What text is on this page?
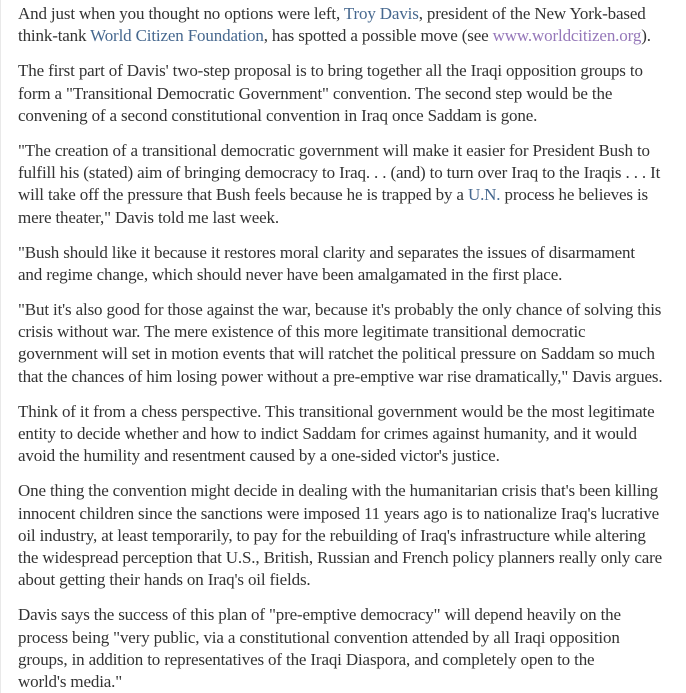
And just when you thought no options were left, Troy Davis, president of the New York-based
think-tank World Citizen Foundation, has spotted a possible move (see www.worldcitizen.org).

The first part of Davis' two-step proposal is to bring together all the Iraqi opposition groups to
form a "Transitional Democratic Government" convention. The second step would be the
convening of a second constitutional convention in Iraq once Saddam is gone.

"The creation of a transitional democratic government will make it easier for President Bush to
fulfill his (stated) aim of bringing democracy to Iraq. . . (and) to turn over Iraq to the Iraqis . . . It
will take off the pressure that Bush feels because he is trapped by a U.N. process he believes is
mere theater," Davis told me last week.

"Bush should like it because it restores moral clarity and separates the issues of disarmament
and regime change, which should never have been amalgamated in the first place.

"But it's also good for those against the war, because it's probably the only chance of solving this
crisis without war. The mere existence of this more legitimate transitional democratic
government will set in motion events that will ratchet the political pressure on Saddam so much
that the chances of him losing power without a pre-emptive war rise dramatically," Davis argues.

Think of it from a chess perspective. This transitional government would be the most legitimate
entity to decide whether and how to indict Saddam for crimes against humanity, and it would
avoid the humility and resentment caused by a one-sided victor's justice.

One thing the convention might decide in dealing with the humanitarian crisis that's been killing
innocent children since the sanctions were imposed 11 years ago is to nationalize Iraq's lucrative
oil industry, at least temporarily, to pay for the rebuilding of Iraq's infrastructure while altering
the widespread perception that U.S., British, Russian and French policy planners really only care
about getting their hands on Iraq's oil fields.

Davis says the success of this plan of "pre-emptive democracy" will depend heavily on the
process being "very public, via a constitutional convention attended by all Iraqi opposition
groups, in addition to representatives of the Iraqi Diaspora, and completely open to the
world's media."
